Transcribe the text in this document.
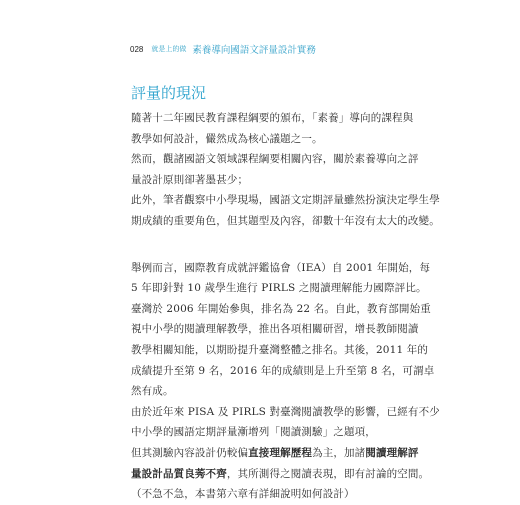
028 就是上的做 素養導向國語文評量設計實務
評量的現況
隨著十二年國民教育課程綱要的頒布，「素養」導向的課程與
教學如何設計，儼然成為核心議題之一。
然而，觀諸國語文領域課程綱要相關內容，關於素養導向之評
量設計原則卻著墨甚少；
此外，筆者觀察中小學現場，國語文定期評量雖然扮演決定學生學
期成績的重要角色，但其題型及內容，卻數十年沒有太大的改變。
舉例而言，國際教育成就評鑑協會（IEA）自 2001 年開始，每
5 年即針對 10 歲學生進行 PIRLS 之閱讀理解能力國際評比。
臺灣於 2006 年開始參與，排名為 22 名。自此，教育部開始重
視中小學的閱讀理解教學，推出各項相關研習，增長教師閱讀
教學相關知能，以期盼提升臺灣整體之排名。其後，2011 年的
成績提升至第 9 名，2016 年的成績則是上升至第 8 名，可謂卓
然有成。
由於近年來 PISA 及 PIRLS 對臺灣閱讀教學的影響，已經有不少
中小學的國語定期評量漸增列「閱讀測驗」之題項，
但其測驗內容設計仍較偏直接理解歷程為主，加諸閱讀理解評
量設計品質良莠不齊，其所測得之閱讀表現，即有討論的空間。
（不急不急，本書第六章有詳細說明如何設計）
